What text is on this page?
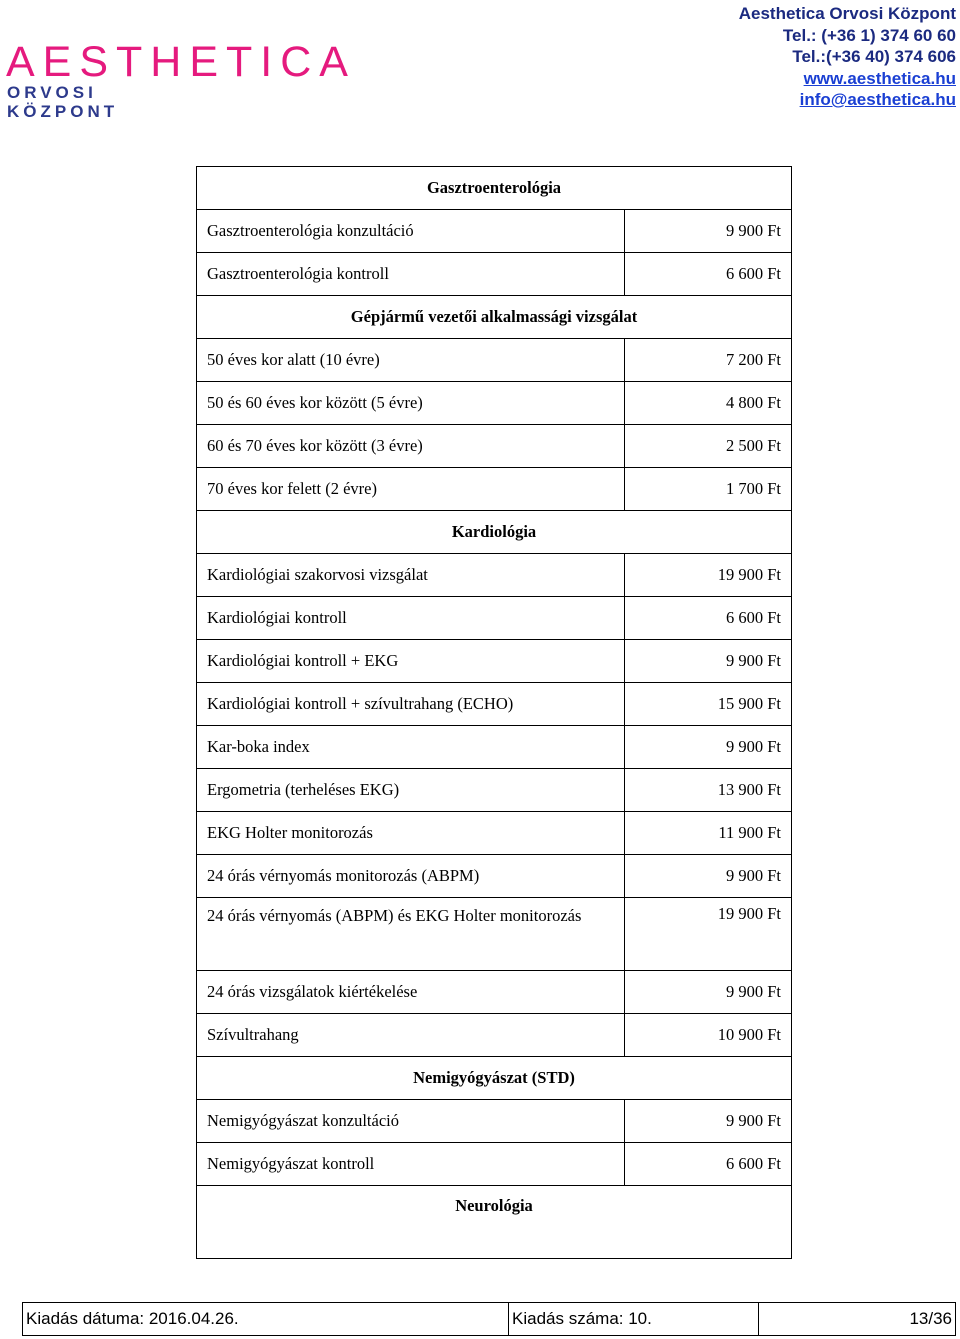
AESTHETICA
ORVOSI
KÖZPONT
Aesthetica Orvosi Központ
Tel.: (+36 1) 374 60 60
Tel.:(+36 40) 374 606
www.aesthetica.hu
info@aesthetica.hu
Gasztroenterológia	
Gasztroenterológia konzultáció	9 900 Ft
Gasztroenterológia kontroll	6 600 Ft
Gépjármű vezetői alkalmassági vizsgálat	
50 éves kor alatt (10 évre)	7 200 Ft
50 és 60 éves kor között (5 évre)	4 800 Ft
60 és 70 éves kor között (3 évre)	2 500 Ft
70 éves kor felett (2 évre)	1 700 Ft
Kardiológia	
Kardiológiai szakorvosi vizsgálat	19 900 Ft
Kardiológiai kontroll	6 600 Ft
Kardiológiai kontroll + EKG	9 900 Ft
Kardiológiai kontroll + szívultrahang (ECHO)	15 900 Ft
Kar-boka index	9 900 Ft
Ergometria (terheléses EKG)	13 900 Ft
EKG Holter monitorozás	11 900 Ft
24 órás vérnyomás monitorozás (ABPM)	9 900 Ft
24 órás vérnyomás (ABPM) és EKG Holter monitorozás	19 900 Ft
24 órás vizsgálatok kiértékelése	9 900 Ft
Szívultrahang	10 900 Ft
Nemigyógyászat (STD)	
Nemigyógyászat konzultáció	9 900 Ft
Nemigyógyászat kontroll	6 600 Ft
Neurológia	
Kiadás dátuma: 2016.04.26.	Kiadás száma: 10.	13/36
